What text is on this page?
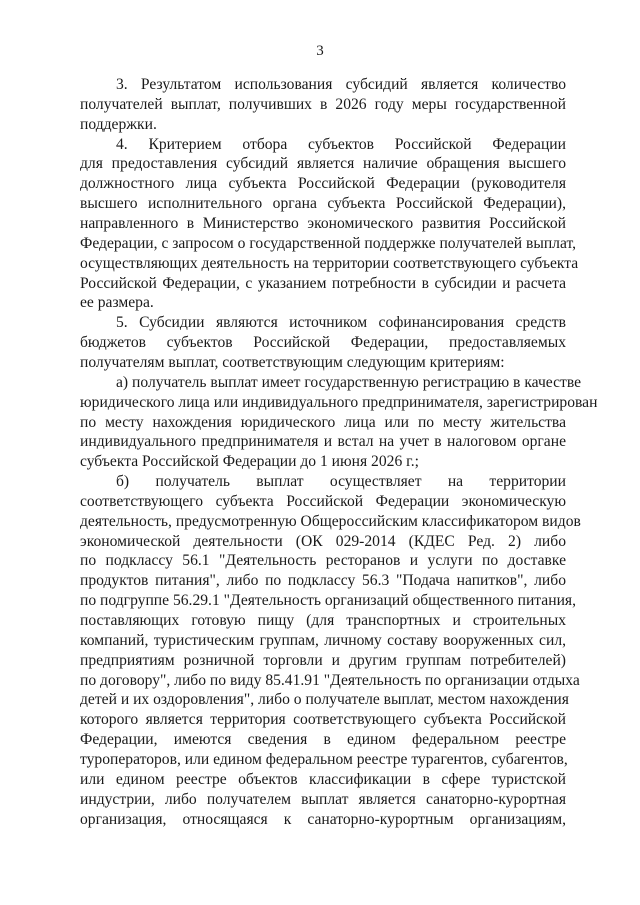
3
3. Результатом использования субсидий является количество
получателей выплат, получивших в 2026 году меры государственной
поддержки.
4. Критерием отбора субъектов Российской Федерации
для предоставления субсидий является наличие обращения высшего
должностного лица субъекта Российской Федерации (руководителя
высшего исполнительного органа субъекта Российской Федерации),
направленного в Министерство экономического развития Российской
Федерации, с запросом о государственной поддержке получателей выплат,
осуществляющих деятельность на территории соответствующего субъекта
Российской Федерации, с указанием потребности в субсидии и расчета
ее размера.
5. Субсидии являются источником софинансирования средств
бюджетов субъектов Российской Федерации, предоставляемых
получателям выплат, соответствующим следующим критериям:
а) получатель выплат имеет государственную регистрацию в качестве
юридического лица или индивидуального предпринимателя, зарегистрирован
по месту нахождения юридического лица или по месту жительства
индивидуального предпринимателя и встал на учет в налоговом органе
субъекта Российской Федерации до 1 июня 2026 г.;
б) получатель выплат осуществляет на территории
соответствующего субъекта Российской Федерации экономическую
деятельность, предусмотренную Общероссийским классификатором видов
экономической деятельности (ОК 029-2014 (КДЕС Ред. 2) либо
по подклассу 56.1 "Деятельность ресторанов и услуги по доставке
продуктов питания", либо по подклассу 56.3 "Подача напитков", либо
по подгруппе 56.29.1 "Деятельность организаций общественного питания,
поставляющих готовую пищу (для транспортных и строительных
компаний, туристическим группам, личному составу вооруженных сил,
предприятиям розничной торговли и другим группам потребителей)
по договору", либо по виду 85.41.91 "Деятельность по организации отдыха
детей и их оздоровления", либо о получателе выплат, местом нахождения
которого является территория соответствующего субъекта Российской
Федерации, имеются сведения в едином федеральном реестре
туроператоров, или едином федеральном реестре турагентов, субагентов,
или едином реестре объектов классификации в сфере туристской
индустрии, либо получателем выплат является санаторно-курортная
организация, относящаяся к санаторно-курортным организациям,
